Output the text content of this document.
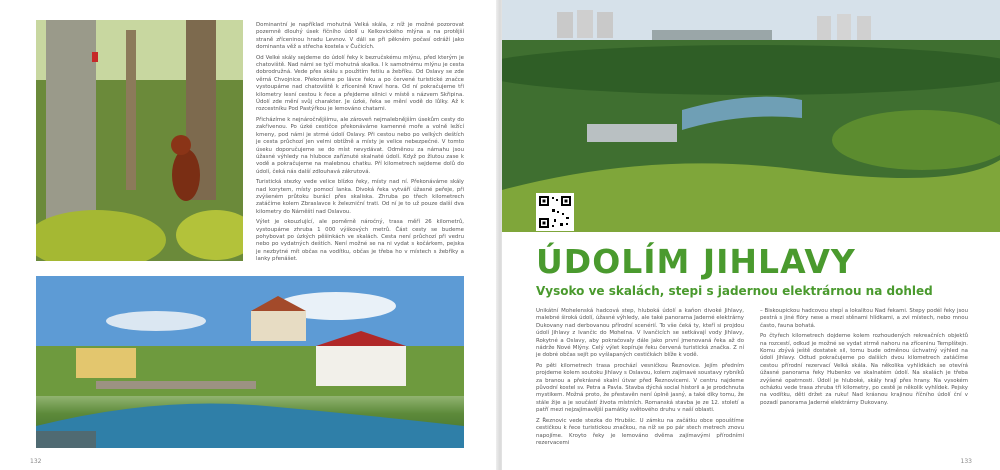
Dominantní je například mohutná Velká skála, z níž je možné pozorovat pozemně dlouhý úsek říčního údolí u Kelkovického mlýna a na protější straně zříceninou hradu Levnov. V dáli se při pěkném počasí odráží jako dominanta věž a střecha kostela v Čučicích.

Od Velké skály sejdeme do údolí řeky k bezručskému mlýnu, před kterým je chatoviště. Nad námi se tyčí mohutná skalka. I k samotnému mlýnu je cesta dobrodružná. Vede přes skálu s použitím fetiiu a žebříku. Od Oslavy se zde věrná Chvojnice. Překonáme po lávce řeku a po červené turistické značce vystoupáme nad chatoviště k zřícenině Kraví hora. Od ní pokračujeme tři kilometry lesní cestou k řece a přejdeme silnici v místě s názvem Skřipina. Údolí zde mění svůj charakter. Je úzké, řeka se mění vodě do lůlky. Až k rozcestníku Pod Pastýřkou je lemováno chatami.

Přicházíme k nejnáročnějšímu, ale zároveň nejmalebnějším úsekům cesty do zakřivenou. Po úzké cestičce překonáváme kamenné moře a volně ležící kmeny, pod námi je strmé údolí Oslavy. Při cestou nebo po velkých deštích je cesta průchozí jen velmi obtížně a místy je velice nebezpečné. V tomto úseku doporučujeme se do míst nevydávat. Odměnou za námahu jsou úžasné výhledy na hluboce zaříznuté skalnaté údolí. Když po žlutou zase k vodě a pokračujeme na malebnou chatku. Pří kilometrech sejdeme dolů do údolí, čeká nás další zdlouhavá zákrutová.

Turistická stezky vede velice blízko řeky, místy nad ní. Překonáváme skály nad korytem, místy pomocí lanka. Divoká řeka vytváří úžasné peřeje, při zvýšeném průtoku burácí přes skaliska. Zhruba po třech kilometrech zatáčíme kolem Zbraslavce k železniční trati. Od ní je to už pouze další dva kilometry do Náměští nad Oslavou.

Výlet je okouzlující, ale poměrně náročný, trasa měří 26 kilometrů, vystoupáme zhruba 1 000 výškových metrů. Část cesty se budeme pohybovat po úzkých pěšinkách ve skalách. Cesta není průchozí při vedru nebo po vydatných deštích. Není možné se na ni vydat s kočárkem, pejska je nezbytné mít občas na vodítku, občas je třeba ho v místech s žebříky a lanky přenášet.

132
ÚDOLÍM JIHLAVY
Vysoko ve skalách, stepi s jadernou elektrárnou na dohled

Unikátní Mohelenská hadcová step, hluboká údolí a kaňon divoké Jihlavy, malebné široká údolí, úžasné výhledy, ale také panorama Jaderné elektrárny Dukovany nad derbovanou přírodní scenérií. To vše čeká ty, kteří si projdou údolí Jihlavy z Ivančic do Mohelna. V Ivančicích se setkávají vody Jihlavy, Rokytné a Oslavy, aby pokračovaly dále jako první jmenovaná řeka až do nádrže Nové Mlýny. Celý výlet kopíruje řeku červená turistická značka. Z ní je dobré občas sejít po vyšlapaných cestičkách blíže k vodě.

Po pěti kilometrech trasa prochází vesničkou Řeznovice. Jejím předním projdeme kolem soutoku Jihlavy s Oslavou, kolem zajímavé soustavy rybníků za branou a překrásné skalní útvar před Řeznovicemi. V centru najdeme původní kostel sv. Petra a Pavla. Stavba dýchá social historii a je prodchnuta mystikem. Možná proto, že přestavěn není úplně jasný, a také díky tomu, že stále žije a je součástí života místních. Romanská stavba je ze 12. století a patří mezi nejzajímavější památky světového druhu v naší oblasti.

Z Řeznovic vede stezka do Hrubšic. U zámku na začátku obce opouštíme cestičkou k řece turistickou značkou, na níž se po pár stech metrech znovu napojíme. Kroyto řeky je lemováno dvěma zajímavými přírodními rezervacemi

– Biskoupickou hadcovou stepí a lokalitou Nad řekami. Stepy podél řeky jsou pestrá s jiné flóry nese a mezi stěnami hlídkami, a zvi místech, nebo mnou často, fauna bohatá.

Po čtyřech kilometrech dojdeme kolem rozhoudených rekreačních objektů na rozcestí, odkud je možné se vydat strmě nahoru na zříceninu Templštejn. Komu zbývá ještě dostatek sil, tomu bude odměnou úchvatný výhled na údolí Jihlavy. Odtud pokračujeme po dalších dvou kilometrech zatáčíme cestou přírodní rezervací Velká skála. Na několika vyhlídkách se otevírá úžasné panorama řeky Hubenko ve skalnatém údolí. Na skalách je třeba zvýšené opatrnosti. Údolí je hluboké, skály hrají přes hrany. Na vysokém ocházku vede trasa zhruba tři kilometry, po cestě je několik vyhlídek. Pejsky na vodítku, děti držet za ruku! Nad krásnou krajinou říčního údolí ční v pozadí panorama Jaderné elektrárny Dukovany.

133
